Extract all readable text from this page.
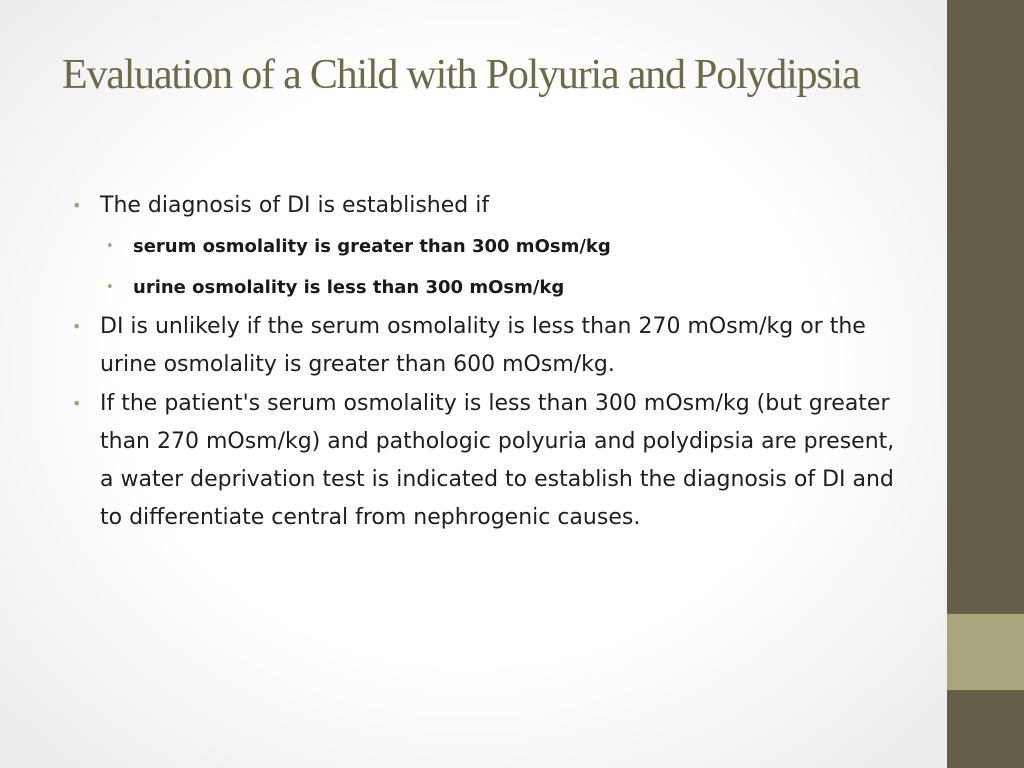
Evaluation of a Child with Polyuria and Polydipsia
• The diagnosis of DI is established if
• serum osmolality is greater than 300 mOsm/kg
• urine osmolality is less than 300 mOsm/kg
• DI is unlikely if the serum osmolality is less than 270 mOsm/kg or the urine osmolality is greater than 600 mOsm/kg.
• If the patient's serum osmolality is less than 300 mOsm/kg (but greater than 270 mOsm/kg) and pathologic polyuria and polydipsia are present, a water deprivation test is indicated to establish the diagnosis of DI and to differentiate central from nephrogenic causes.
